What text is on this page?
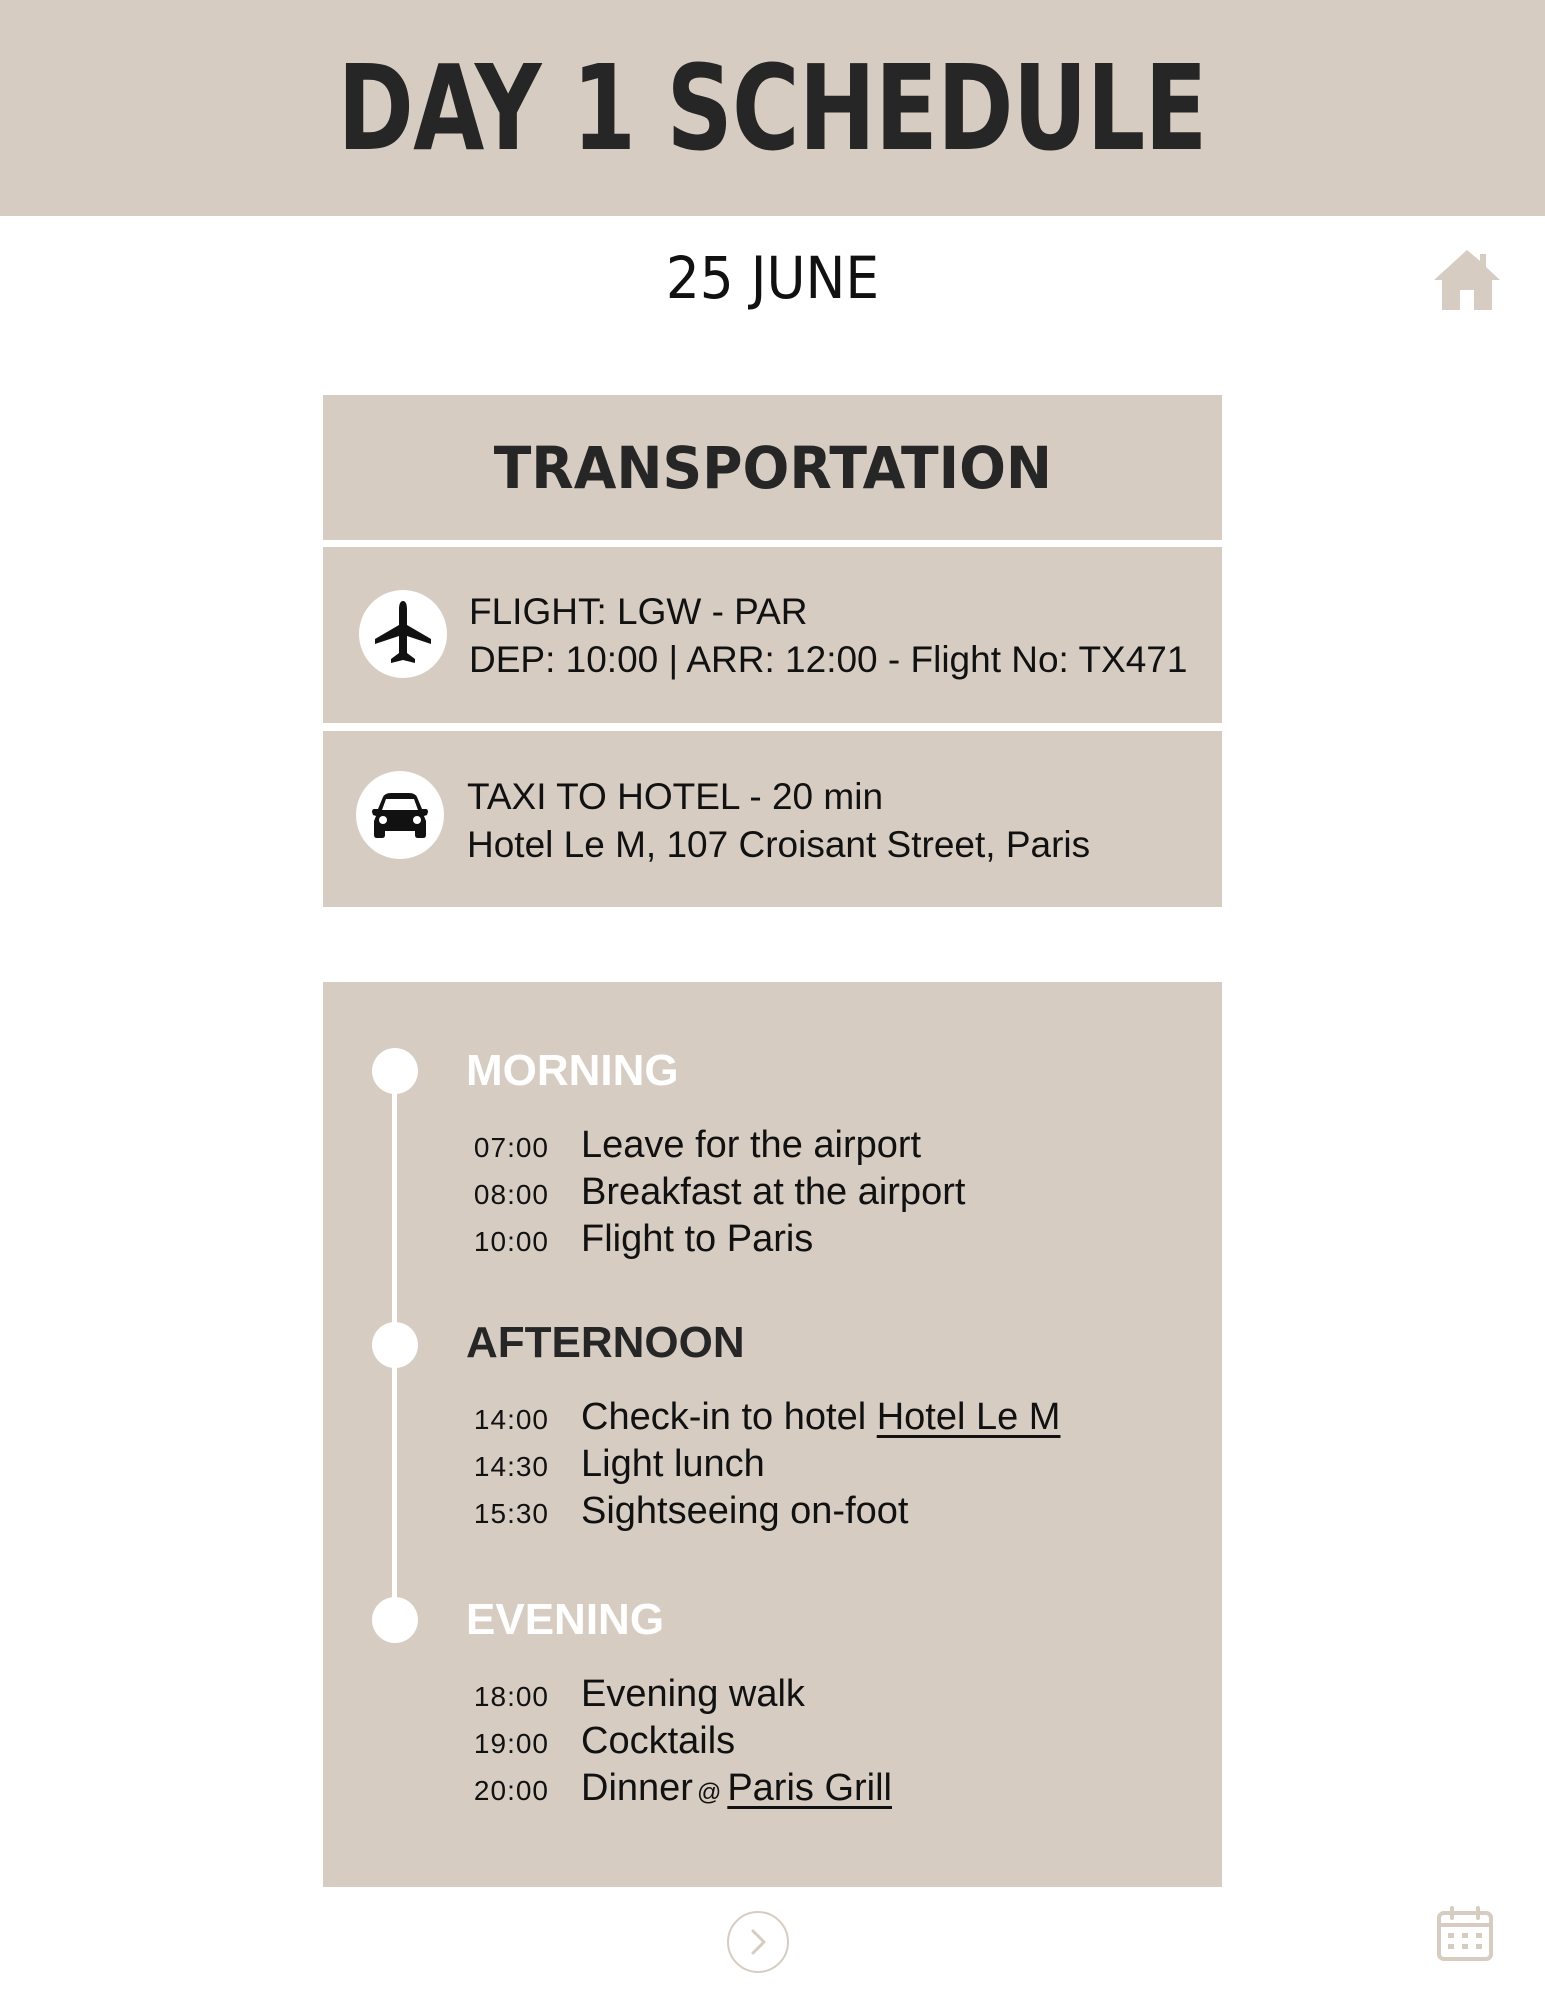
DAY 1 SCHEDULE
25 JUNE
TRANSPORTATION
FLIGHT: LGW - PAR
DEP: 10:00 | ARR: 12:00 - Flight No: TX471
TAXI TO HOTEL - 20 min
Hotel Le M, 107 Croisant Street, Paris
MORNING
07:00 Leave for the airport
08:00 Breakfast at the airport
10:00 Flight to Paris
AFTERNOON
14:00 Check-in to hotel Hotel Le M
14:30 Light lunch
15:30 Sightseeing on-foot
EVENING
18:00 Evening walk
19:00 Cocktails
20:00 Dinner @ Paris Grill
